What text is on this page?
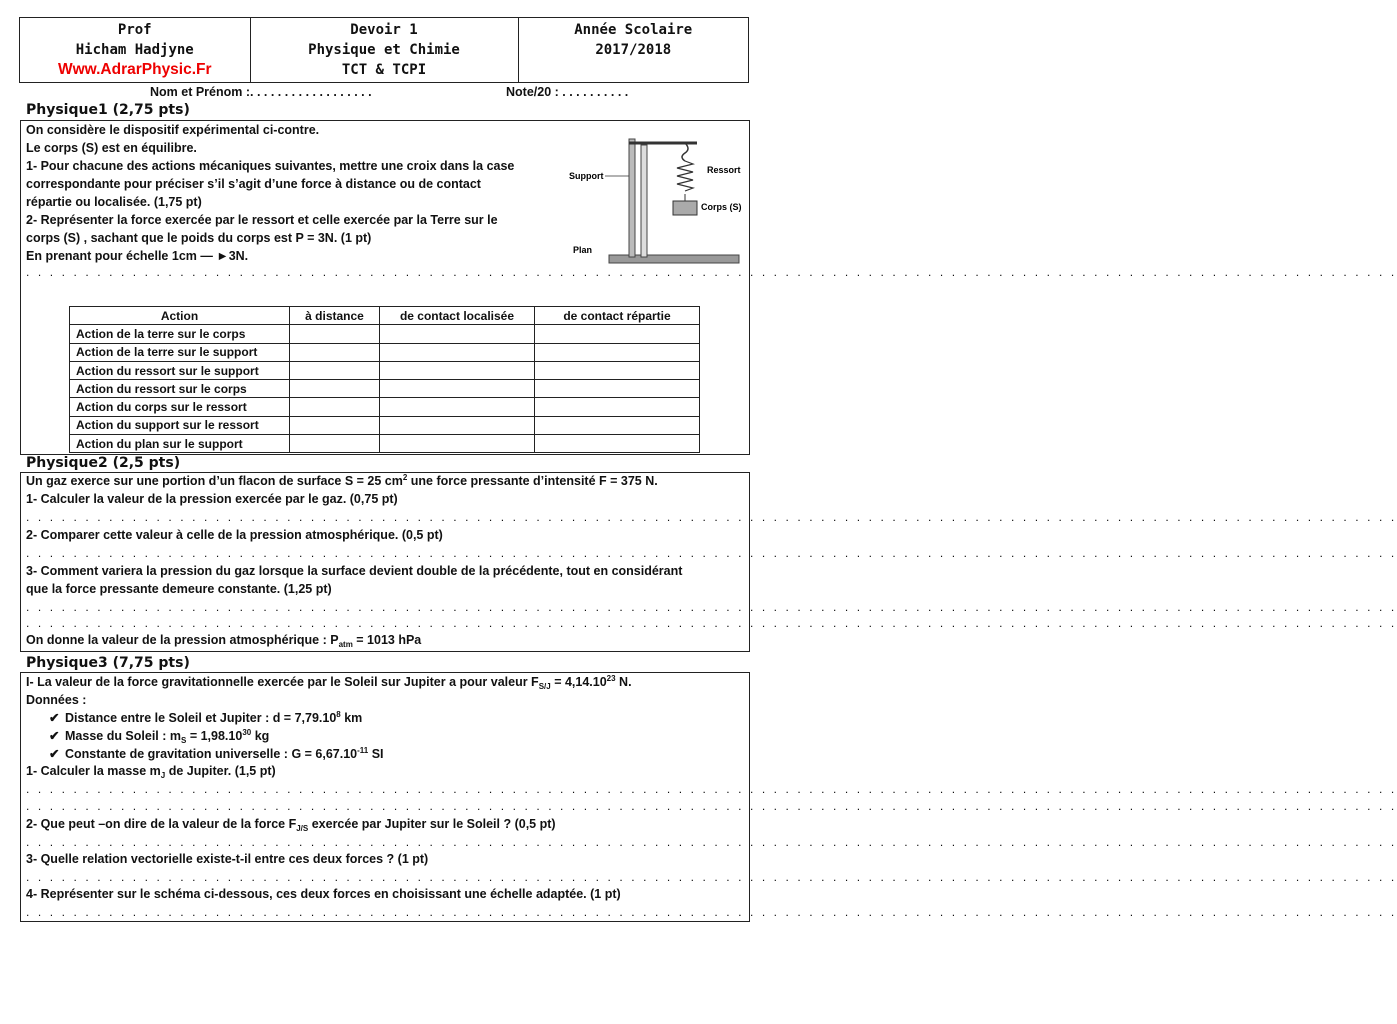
Prof
Hicham Hadjyne
Www.AdrarPhysic.Fr
Devoir 1
Physique et Chimie
TCT & TCPI
Année Scolaire
2017/2018
Nom et Prénom :. . . . . . . . . . . . . . . . . .	Note/20 : . . . . . . . . . .
Physique1 (2,75 pts)
On considère le dispositif expérimental ci-contre.
Le corps (S) est en équilibre.
1- Pour chacune des actions mécaniques suivantes, mettre une croix dans la case
correspondante pour préciser s’il s’agit d’une force à distance ou de contact
répartie ou localisée. (1,75 pt)
2- Représenter la force exercée par le ressort et celle exercée par la Terre sur le
corps (S) , sachant que le poids du corps est P = 3N. (1 pt)
En prenant pour échelle 1cm — ►3N.
. . . . . . . . . . . . . . . . . . . . . . . . . . . . . . . . . . . . . . . . . . . . . . . . . . . . . . . . . . . . . . . . . . . . . . . . . . . . . . . . . . . . . . . . . . . . . . . . . . . . . . . . . . . . . . . . . . . .
Support
Ressort
Corps (S)
Plan
Action	à distance	de contact localisée	de contact répartie
Action de la terre sur le corps			
Action de la terre sur le support			
Action du ressort sur le support			
Action du ressort sur le corps			
Action du corps sur le ressort			
Action du support sur le ressort			
Action du plan sur le support			
Physique2 (2,5 pts)
Un gaz exerce sur une portion d’un flacon de surface S = 25 $cm^2$ une force pressante d’intensité F = 375 N.
1- Calculer la valeur de la pression exercée par le gaz. (0,75 pt)
. . . . . . . . . . . . . . . . . . . . . . . . . . . . . . . . . . . . . . . . . . . . . . . . . . . . . . . . . . . . . . . . . . . . . . . . . . . . . . . . . . . . . . . . . . . . . . . . . . . . . . . . . . . . . . . . . . . .
2- Comparer cette valeur à celle de la pression atmosphérique. (0,5 pt)
. . . . . . . . . . . . . . . . . . . . . . . . . . . . . . . . . . . . . . . . . . . . . . . . . . . . . . . . . . . . . . . . . . . . . . . . . . . . . . . . . . . . . . . . . . . . . . . . . . . . . . . . . . . . . . . . . . . .
3- Comment variera la pression du gaz lorsque la surface devient double de la précédente, tout en considérant
que la force pressante demeure constante. (1,25 pt)
. . . . . . . . . . . . . . . . . . . . . . . . . . . . . . . . . . . . . . . . . . . . . . . . . . . . . . . . . . . . . . . . . . . . . . . . . . . . . . . . . . . . . . . . . . . . . . . . . . . . . . . . . . . . . . . . . . . .
. . . . . . . . . . . . . . . . . . . . . . . . . . . . . . . . . . . . . . . . . . . . . . . . . . . . . . . . . . . . . . . . . . . . . . . . . . . . . . . . . . . . . . . . . . . . . . . . . . . . . . . . . . . . . . . . . . . .
On donne la valeur de la pression atmosphérique : $P_{atm} = 1013$ hPa
Physique3 (7,75 pts)
I- La valeur de la force gravitationnelle exercée par le Soleil sur Jupiter a pour valeur $F_{S/J} = 4,14.10^{23}$ N.
Données :
✔ Distance entre le Soleil et Jupiter : $d = 7,79.10^8$ km
✔ Masse du Soleil : $m_S = 1,98.10^{30}$ kg
✔ Constante de gravitation universelle : $G = 6,67.10^{-11}$ SI
1- Calculer la masse $m_J$ de Jupiter. (1,5 pt)
. . . . . . . . . . . . . . . . . . . . . . . . . . . . . . . . . . . . . . . . . . . . . . . . . . . . . . . . . . . . . . . . . . . . . . . . . . . . . . . . . . . . . . . . . . . . . . . . . . . . . . . . . . . . . . . . . . . .
. . . . . . . . . . . . . . . . . . . . . . . . . . . . . . . . . . . . . . . . . . . . . . . . . . . . . . . . . . . . . . . . . . . . . . . . . . . . . . . . . . . . . . . . . . . . . . . . . . . . . . . . . . . . . . . . . . . .
2- Que peut –on dire de la valeur de la force $F_{J/S}$ exercée par Jupiter sur le Soleil ? (0,5 pt)
. . . . . . . . . . . . . . . . . . . . . . . . . . . . . . . . . . . . . . . . . . . . . . . . . . . . . . . . . . . . . . . . . . . . . . . . . . . . . . . . . . . . . . . . . . . . . . . . . . . . . . . . . . . . . . . . . . . .
3- Quelle relation vectorielle existe-t-il entre ces deux forces ? (1 pt)
. . . . . . . . . . . . . . . . . . . . . . . . . . . . . . . . . . . . . . . . . . . . . . . . . . . . . . . . . . . . . . . . . . . . . . . . . . . . . . . . . . . . . . . . . . . . . . . . . . . . . . . . . . . . . . . . . . . .
4- Représenter sur le schéma ci-dessous, ces deux forces en choisissant une échelle adaptée. (1 pt)
. . . . . . . . . . . . . . . . . . . . . . . . . . . . . . . . . . . . . . . . . . . . . . . . . . . . . . . . . . . . . . . . . . . . . . . . . . . . . . . . . . . . . . . . . . . . . . . . . . . . . . . . . . . . . . . . . . . .
